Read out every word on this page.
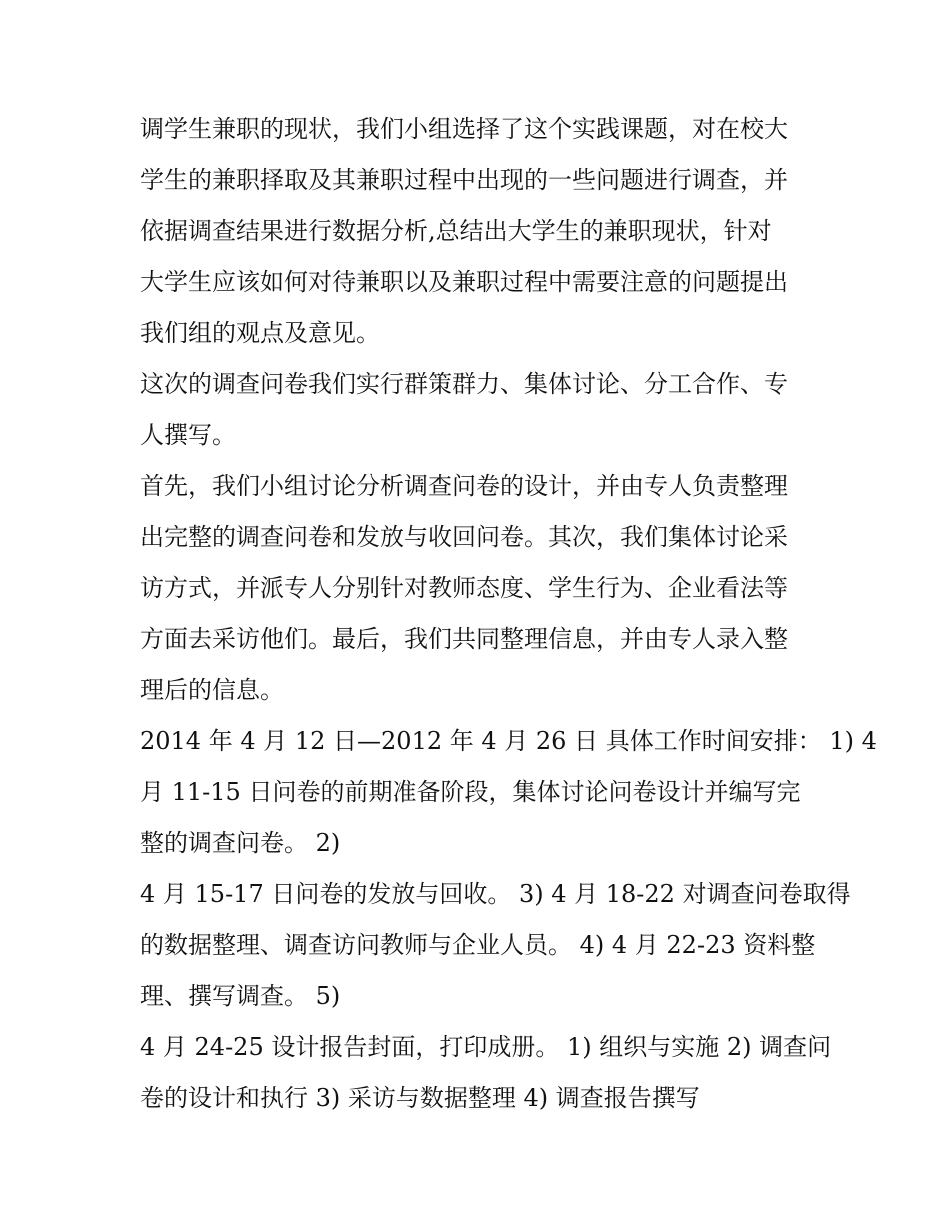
调学生兼职的现状，我们小组选择了这个实践课题，对在校大
学生的兼职择取及其兼职过程中出现的一些问题进行调查，并
依据调查结果进行数据分析,总结出大学生的兼职现状，针对
大学生应该如何对待兼职以及兼职过程中需要注意的问题提出
我们组的观点及意见。
这次的调查问卷我们实行群策群力、集体讨论、分工合作、专
人撰写。
首先，我们小组讨论分析调查问卷的设计，并由专人负责整理
出完整的调查问卷和发放与收回问卷。其次，我们集体讨论采
访方式，并派专人分别针对教师态度、学生行为、企业看法等
方面去采访他们。最后，我们共同整理信息，并由专人录入整
理后的信息。
2014 年 4 月 12 日—2012 年 4 月 26 日 具体工作时间安排： 1) 4
月 11-15 日问卷的前期准备阶段，集体讨论问卷设计并编写完
整的调查问卷。 2)
4 月 15-17 日问卷的发放与回收。 3) 4 月 18-22 对调查问卷取得
的数据整理、调查访问教师与企业人员。 4) 4 月 22-23 资料整
理、撰写调查。 5)
4 月 24-25 设计报告封面，打印成册。 1) 组织与实施 2) 调查问
卷的设计和执行 3) 采访与数据整理 4) 调查报告撰写
